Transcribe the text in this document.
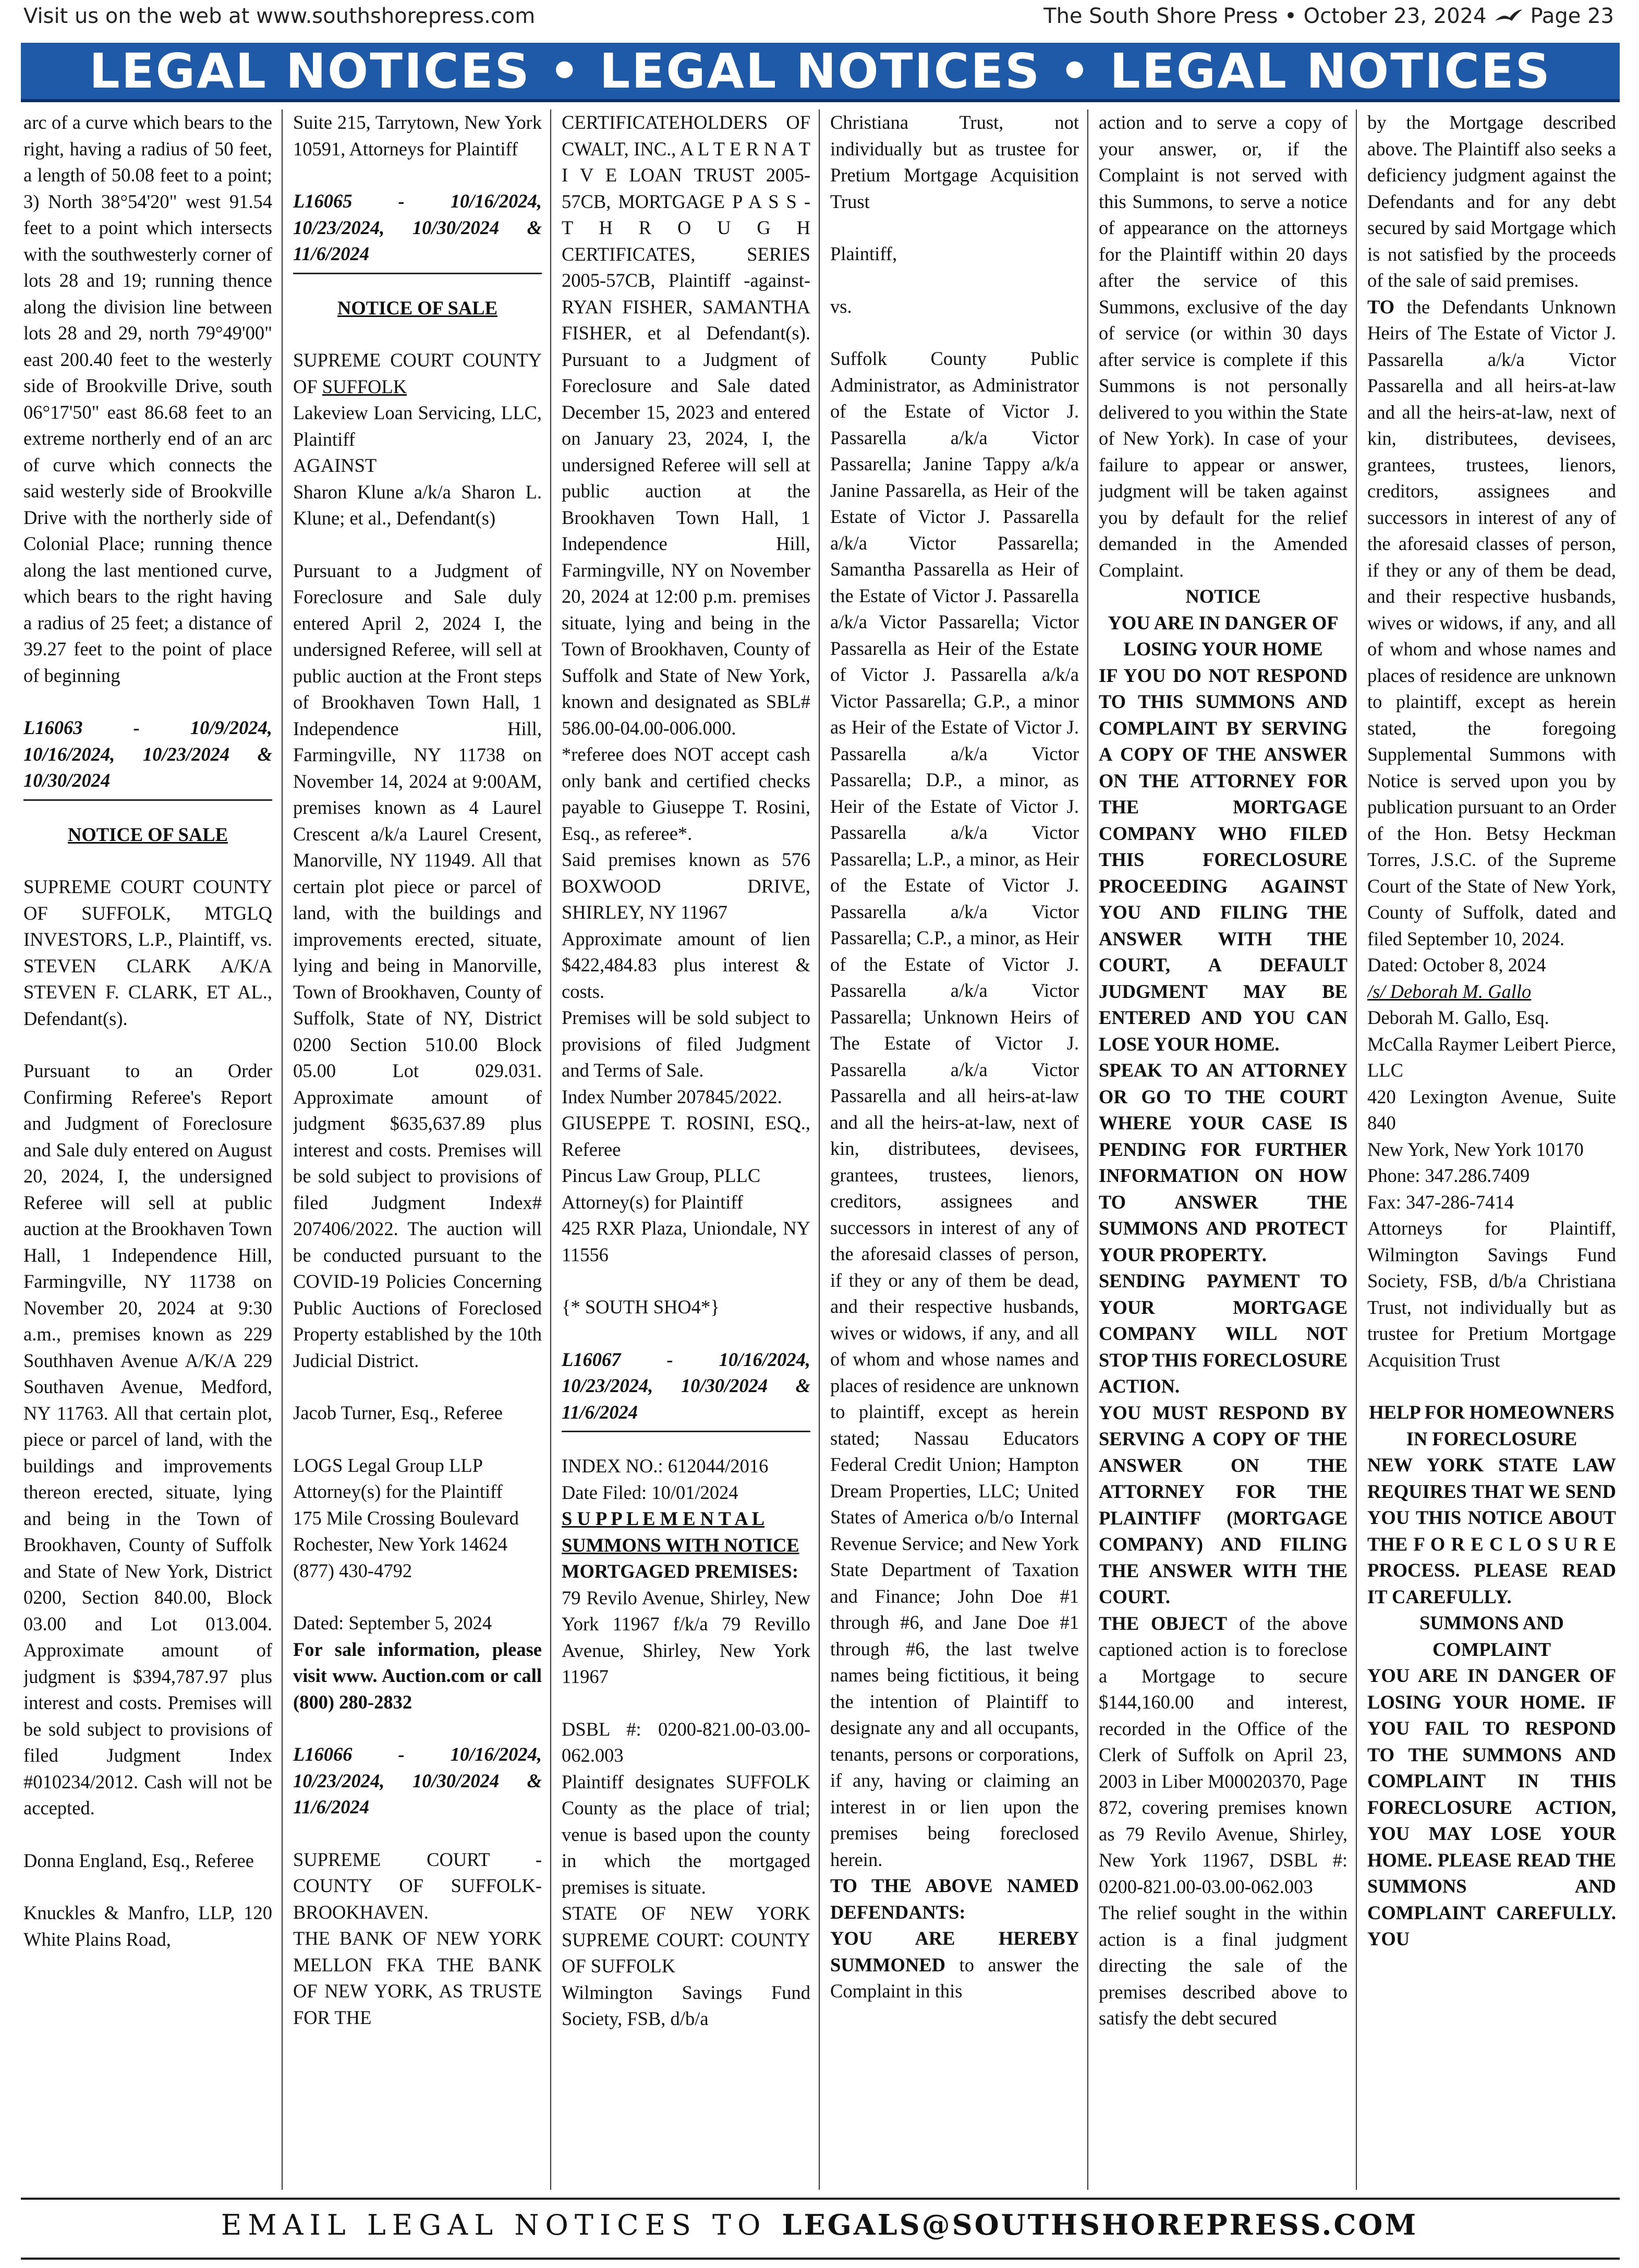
Visit us on the web at www.southshorepress.com	The South Shore Press • October 23, 2024 Page 23
LEGAL NOTICES • LEGAL NOTICES • LEGAL NOTICES

arc of a curve which bears to the right, having a radius of 50 feet, a length of 50.08 feet to a point; 3) North 38°54'20" west 91.54 feet to a point which intersects with the southwesterly corner of lots 28 and 19; running thence along the division line between lots 28 and 29, north 79°49'00" east 200.40 feet to the westerly side of Brookville Drive, south 06°17'50" east 86.68 feet to an extreme northerly end of an arc of curve which connects the said westerly side of Brookville Drive with the northerly side of Colonial Place; running thence along the last mentioned curve, which bears to the right having a radius of 25 feet; a distance of 39.27 feet to the point of place of beginning

L16063 - 10/9/2024, 10/16/2024, 10/23/2024 & 10/30/2024

NOTICE OF SALE

SUPREME COURT COUNTY OF SUFFOLK, MTGLQ INVESTORS, L.P., Plaintiff, vs. STEVEN CLARK A/K/A STEVEN F. CLARK, ET AL., Defendant(s).

Pursuant to an Order Confirming Referee's Report and Judgment of Foreclosure and Sale duly entered on August 20, 2024, I, the undersigned Referee will sell at public auction at the Brookhaven Town Hall, 1 Independence Hill, Farmingville, NY 11738 on November 20, 2024 at 9:30 a.m., premises known as 229 Southhaven Avenue A/K/A 229 Southaven Avenue, Medford, NY 11763. All that certain plot, piece or parcel of land, with the buildings and improvements thereon erected, situate, lying and being in the Town of Brookhaven, County of Suffolk and State of New York, District 0200, Section 840.00, Block 03.00 and Lot 013.004. Approximate amount of judgment is $394,787.97 plus interest and costs. Premises will be sold subject to provisions of filed Judgment Index #010234/2012. Cash will not be accepted.

Donna England, Esq., Referee

Knuckles & Manfro, LLP, 120 White Plains Road,

Suite 215, Tarrytown, New York 10591, Attorneys for Plaintiff

L16065 - 10/16/2024, 10/23/2024, 10/30/2024 & 11/6/2024

NOTICE OF SALE

SUPREME COURT COUNTY OF SUFFOLK

Lakeview Loan Servicing, LLC, Plaintiff

AGAINST

Sharon Klune a/k/a Sharon L. Klune; et al., Defendant(s)

Pursuant to a Judgment of Foreclosure and Sale duly entered April 2, 2024 I, the undersigned Referee, will sell at public auction at the Front steps of Brookhaven Town Hall, 1 Independence Hill, Farmingville, NY 11738 on November 14, 2024 at 9:00AM, premises known as 4 Laurel Crescent a/k/a Laurel Cresent, Manorville, NY 11949. All that certain plot piece or parcel of land, with the buildings and improvements erected, situate, lying and being in Manorville, Town of Brookhaven, County of Suffolk, State of NY, District 0200 Section 510.00 Block 05.00 Lot 029.031. Approximate amount of judgment $635,637.89 plus interest and costs. Premises will be sold subject to provisions of filed Judgment Index# 207406/2022. The auction will be conducted pursuant to the COVID-19 Policies Concerning Public Auctions of Foreclosed Property established by the 10th Judicial District.

Jacob Turner, Esq., Referee

LOGS Legal Group LLP

Attorney(s) for the Plaintiff

175 Mile Crossing Boulevard

Rochester, New York 14624

(877) 430-4792

Dated: September 5, 2024

For sale information, please visit www. Auction.com or call (800) 280-2832

L16066 - 10/16/2024, 10/23/2024, 10/30/2024 & 11/6/2024

SUPREME COURT - COUNTY OF SUFFOLK-BROOKHAVEN.

THE BANK OF NEW YORK MELLON FKA THE BANK OF NEW YORK, AS TRUSTE FOR THE

CERTIFICATEHOLDERS OF CWALT, INC., A L T E R N A T I V E LOAN TRUST 2005-57CB, MORTGAGE P A S S - T H R O U G H CERTIFICATES, SERIES 2005-57CB, Plaintiff -against- RYAN FISHER, SAMANTHA FISHER, et al Defendant(s). Pursuant to a Judgment of Foreclosure and Sale dated December 15, 2023 and entered on January 23, 2024, I, the undersigned Referee will sell at public auction at the Brookhaven Town Hall, 1 Independence Hill, Farmingville, NY on November 20, 2024 at 12:00 p.m. premises situate, lying and being in the Town of Brookhaven, County of Suffolk and State of New York, known and designated as SBL# 586.00-04.00-006.000.

*referee does NOT accept cash only bank and certified checks payable to Giuseppe T. Rosini, Esq., as referee*.

Said premises known as 576 BOXWOOD DRIVE, SHIRLEY, NY 11967

Approximate amount of lien $422,484.83 plus interest & costs.

Premises will be sold subject to provisions of filed Judgment and Terms of Sale.

Index Number 207845/2022.

GIUSEPPE T. ROSINI, ESQ., Referee

Pincus Law Group, PLLC

Attorney(s) for Plaintiff

425 RXR Plaza, Uniondale, NY 11556

{* SOUTH SHO4*}

L16067 - 10/16/2024, 10/23/2024, 10/30/2024 & 11/6/2024

INDEX NO.: 612044/2016

Date Filed: 10/01/2024

S U P P L E M E N T A L

SUMMONS WITH NOTICE

MORTGAGED PREMISES:

79 Revilo Avenue, Shirley, New York 11967 f/k/a 79 Revillo Avenue, Shirley, New York 11967

DSBL #: 0200-821.00-03.00-062.003

Plaintiff designates SUFFOLK County as the place of trial; venue is based upon the county in which the mortgaged premises is situate.

STATE OF NEW YORK SUPREME COURT: COUNTY OF SUFFOLK

Wilmington Savings Fund Society, FSB, d/b/a

Christiana Trust, not individually but as trustee for Pretium Mortgage Acquisition Trust

Plaintiff,

vs.

Suffolk County Public Administrator, as Administrator of the Estate of Victor J. Passarella a/k/a Victor Passarella; Janine Tappy a/k/a Janine Passarella, as Heir of the Estate of Victor J. Passarella a/k/a Victor Passarella; Samantha Passarella as Heir of the Estate of Victor J. Passarella a/k/a Victor Passarella; Victor Passarella as Heir of the Estate of Victor J. Passarella a/k/a Victor Passarella; G.P., a minor as Heir of the Estate of Victor J. Passarella a/k/a Victor Passarella; D.P., a minor, as Heir of the Estate of Victor J. Passarella a/k/a Victor Passarella; L.P., a minor, as Heir of the Estate of Victor J. Passarella a/k/a Victor Passarella; C.P., a minor, as Heir of the Estate of Victor J. Passarella a/k/a Victor Passarella; Unknown Heirs of The Estate of Victor J. Passarella a/k/a Victor Passarella and all heirs-at-law and all the heirs-at-law, next of kin, distributees, devisees, grantees, trustees, lienors, creditors, assignees and successors in interest of any of the aforesaid classes of person, if they or any of them be dead, and their respective husbands, wives or widows, if any, and all of whom and whose names and places of residence are unknown to plaintiff, except as herein stated; Nassau Educators Federal Credit Union; Hampton Dream Properties, LLC; United States of America o/b/o Internal Revenue Service; and New York State Department of Taxation and Finance; John Doe #1 through #6, and Jane Doe #1 through #6, the last twelve names being fictitious, it being the intention of Plaintiff to designate any and all occupants, tenants, persons or corporations, if any, having or claiming an interest in or lien upon the premises being foreclosed herein.

TO THE ABOVE NAMED DEFENDANTS:

YOU ARE HEREBY SUMMONED to answer the Complaint in this

action and to serve a copy of your answer, or, if the Complaint is not served with this Summons, to serve a notice of appearance on the attorneys for the Plaintiff within 20 days after the service of this Summons, exclusive of the day of service (or within 30 days after service is complete if this Summons is not personally delivered to you within the State of New York). In case of your failure to appear or answer, judgment will be taken against you by default for the relief demanded in the Amended Complaint.

NOTICE

YOU ARE IN DANGER OF LOSING YOUR HOME

IF YOU DO NOT RESPOND TO THIS SUMMONS AND COMPLAINT BY SERVING A COPY OF THE ANSWER ON THE ATTORNEY FOR THE MORTGAGE COMPANY WHO FILED THIS FORECLOSURE PROCEEDING AGAINST YOU AND FILING THE ANSWER WITH THE COURT, A DEFAULT JUDGMENT MAY BE ENTERED AND YOU CAN LOSE YOUR HOME.

SPEAK TO AN ATTORNEY OR GO TO THE COURT WHERE YOUR CASE IS PENDING FOR FURTHER INFORMATION ON HOW TO ANSWER THE SUMMONS AND PROTECT YOUR PROPERTY.

SENDING PAYMENT TO YOUR MORTGAGE COMPANY WILL NOT STOP THIS FORECLOSURE ACTION.

YOU MUST RESPOND BY SERVING A COPY OF THE ANSWER ON THE ATTORNEY FOR THE PLAINTIFF (MORTGAGE COMPANY) AND FILING THE ANSWER WITH THE COURT.

THE OBJECT of the above captioned action is to foreclose a Mortgage to secure $144,160.00 and interest, recorded in the Office of the Clerk of Suffolk on April 23, 2003 in Liber M00020370, Page 872, covering premises known as 79 Revilo Avenue, Shirley, New York 11967, DSBL #: 0200-821.00-03.00-062.003

The relief sought in the within action is a final judgment directing the sale of the premises described above to satisfy the debt secured

by the Mortgage described above. The Plaintiff also seeks a deficiency judgment against the Defendants and for any debt secured by said Mortgage which is not satisfied by the proceeds of the sale of said premises.

TO the Defendants Unknown Heirs of The Estate of Victor J. Passarella a/k/a Victor Passarella and all heirs-at-law and all the heirs-at-law, next of kin, distributees, devisees, grantees, trustees, lienors, creditors, assignees and successors in interest of any of the aforesaid classes of person, if they or any of them be dead, and their respective husbands, wives or widows, if any, and all of whom and whose names and places of residence are unknown to plaintiff, except as herein stated, the foregoing Supplemental Summons with Notice is served upon you by publication pursuant to an Order of the Hon. Betsy Heckman Torres, J.S.C. of the Supreme Court of the State of New York, County of Suffolk, dated and filed September 10, 2024.

Dated: October 8, 2024

/s/ Deborah M. Gallo

Deborah M. Gallo, Esq.

McCalla Raymer Leibert Pierce, LLC

420 Lexington Avenue, Suite 840

New York, New York 10170

Phone: 347.286.7409

Fax: 347-286-7414

Attorneys for Plaintiff, Wilmington Savings Fund Society, FSB, d/b/a Christiana Trust, not individually but as trustee for Pretium Mortgage Acquisition Trust

HELP FOR HOMEOWNERS IN FORECLOSURE

NEW YORK STATE LAW REQUIRES THAT WE SEND YOU THIS NOTICE ABOUT THE F O R E C L O S U R E PROCESS. PLEASE READ IT CAREFULLY.

SUMMONS AND COMPLAINT

YOU ARE IN DANGER OF LOSING YOUR HOME. IF YOU FAIL TO RESPOND TO THE SUMMONS AND COMPLAINT IN THIS FORECLOSURE ACTION, YOU MAY LOSE YOUR HOME. PLEASE READ THE SUMMONS AND COMPLAINT CAREFULLY. YOU

EMAIL LEGAL NOTICES TO LEGALS@SOUTHSHOREPRESS.COM
